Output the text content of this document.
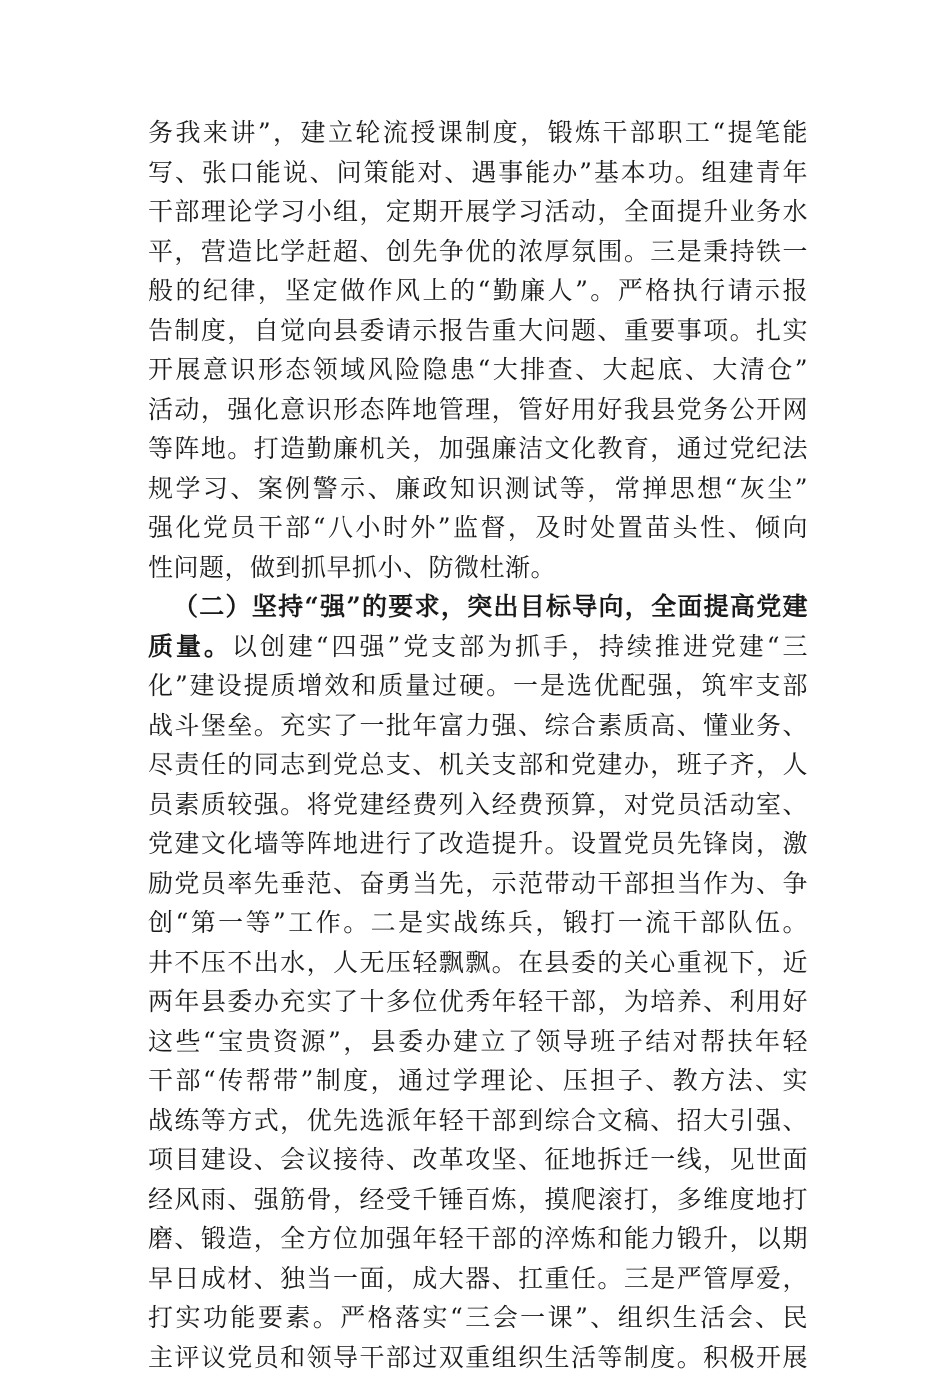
务我来讲”，建立轮流授课制度，锻炼干部职工“提笔能
写、张口能说、问策能对、遇事能办”基本功。组建青年
干部理论学习小组，定期开展学习活动，全面提升业务水
平，营造比学赶超、创先争优的浓厚氛围。三是秉持铁一
般的纪律，坚定做作风上的“勤廉人”。严格执行请示报
告制度，自觉向县委请示报告重大问题、重要事项。扎实
开展意识形态领域风险隐患“大排查、大起底、大清仓”
活动，强化意识形态阵地管理，管好用好我县党务公开网
等阵地。打造勤廉机关，加强廉洁文化教育，通过党纪法
规学习、案例警示、廉政知识测试等，常掸思想“灰尘”
强化党员干部“八小时外”监督，及时处置苗头性、倾向
性问题，做到抓早抓小、防微杜渐。
（二）坚持“强”的要求，突出目标导向，全面提高党建
质量。以创建“四强”党支部为抓手，持续推进党建“三
化”建设提质增效和质量过硬。一是选优配强，筑牢支部
战斗堡垒。充实了一批年富力强、综合素质高、懂业务、
尽责任的同志到党总支、机关支部和党建办，班子齐，人
员素质较强。将党建经费列入经费预算，对党员活动室、
党建文化墙等阵地进行了改造提升。设置党员先锋岗，激
励党员率先垂范、奋勇当先，示范带动干部担当作为、争
创“第一等”工作。二是实战练兵，锻打一流干部队伍。
井不压不出水，人无压轻飘飘。在县委的关心重视下，近
两年县委办充实了十多位优秀年轻干部，为培养、利用好
这些“宝贵资源”，县委办建立了领导班子结对帮扶年轻
干部“传帮带”制度，通过学理论、压担子、教方法、实
战练等方式，优先选派年轻干部到综合文稿、招大引强、
项目建设、会议接待、改革攻坚、征地拆迁一线，见世面
经风雨、强筋骨，经受千锤百炼，摸爬滚打，多维度地打
磨、锻造，全方位加强年轻干部的淬炼和能力锻升，以期
早日成材、独当一面，成大器、扛重任。三是严管厚爱，
打实功能要素。严格落实“三会一课”、组织生活会、民
主评议党员和领导干部过双重组织生活等制度。积极开展
